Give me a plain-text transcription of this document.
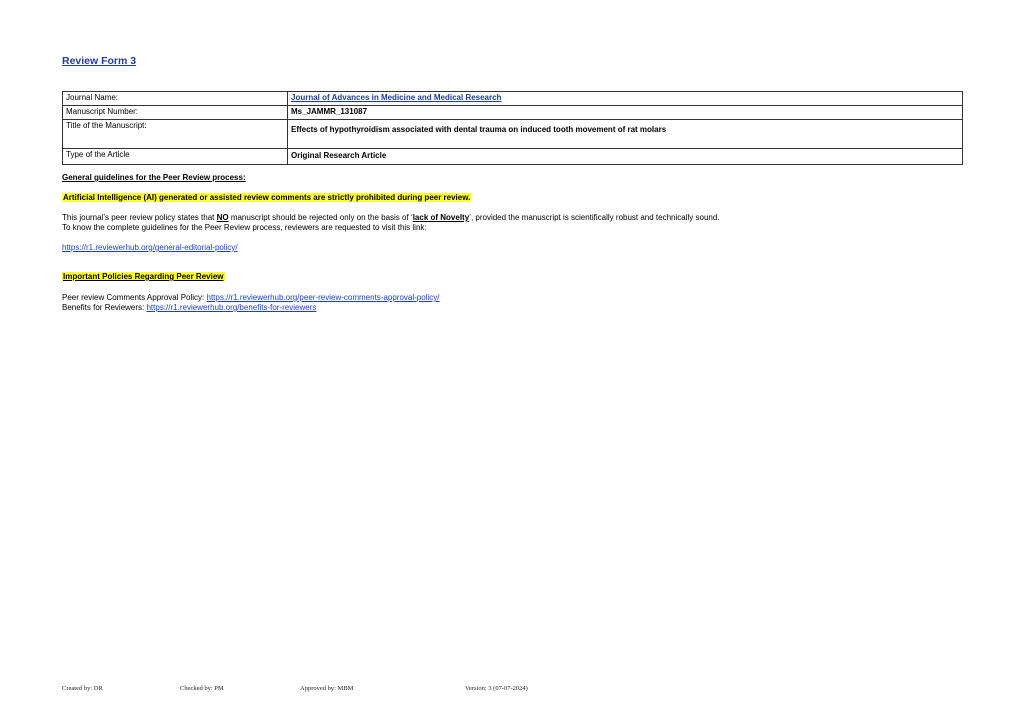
Review Form 3
Journal Name:	Journal of Advances in Medicine and Medical Research
Manuscript Number:	Ms_JAMMR_131087
Title of the Manuscript:	Effects of hypothyroidism associated with dental trauma on induced tooth movement of rat molars
Type of the Article	Original Research Article
General guidelines for the Peer Review process:
Artificial Intelligence (AI) generated or assisted review comments are strictly prohibited during peer review.
This journal’s peer review policy states that NO manuscript should be rejected only on the basis of ‘lack of Novelty’, provided the manuscript is scientifically robust and technically sound.
To know the complete guidelines for the Peer Review process, reviewers are requested to visit this link:
https://r1.reviewerhub.org/general-editorial-policy/
Important Policies Regarding Peer Review
Peer review Comments Approval Policy: https://r1.reviewerhub.org/peer-review-comments-approval-policy/
Benefits for Reviewers: https://r1.reviewerhub.org/benefits-for-reviewers
Created by: DR	Checked by: PM	Approved by: MBM	Version: 3 (07-07-2024)
